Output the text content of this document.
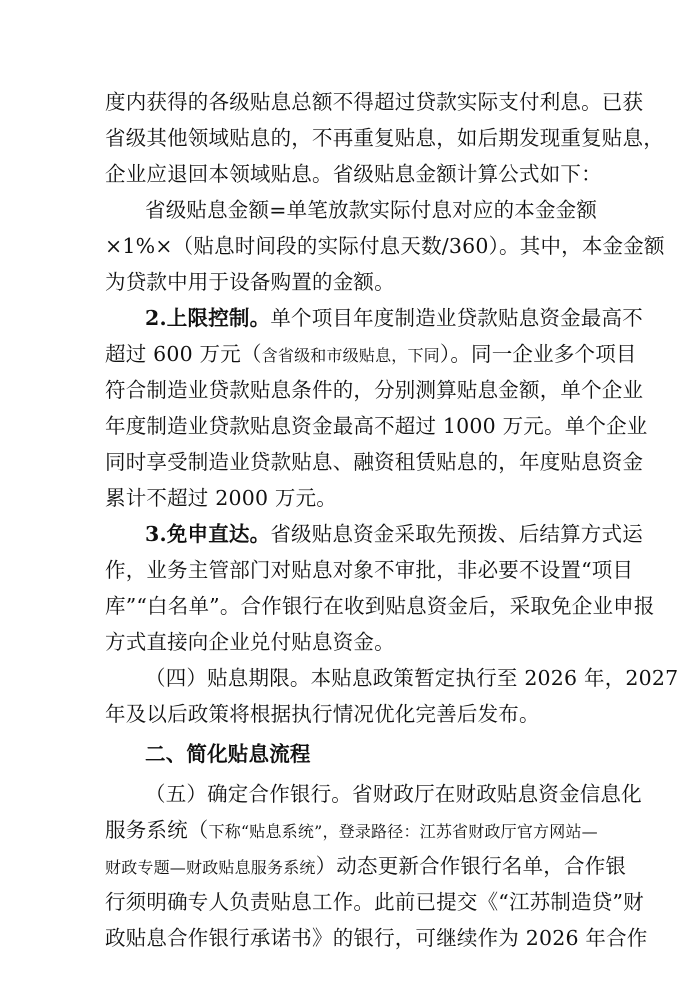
度内获得的各级贴息总额不得超过贷款实际支付利息。已获
省级其他领域贴息的，不再重复贴息，如后期发现重复贴息，
企业应退回本领域贴息。省级贴息金额计算公式如下：
省级贴息金额=单笔放款实际付息对应的本金金额
×1%×（贴息时间段的实际付息天数/360）。其中，本金金额
为贷款中用于设备购置的金额。
2.上限控制。单个项目年度制造业贷款贴息资金最高不
超过 600 万元（含省级和市级贴息，下同）。同一企业多个项目
符合制造业贷款贴息条件的，分别测算贴息金额，单个企业
年度制造业贷款贴息资金最高不超过 1000 万元。单个企业
同时享受制造业贷款贴息、融资租赁贴息的，年度贴息资金
累计不超过 2000 万元。
3.免申直达。省级贴息资金采取先预拨、后结算方式运
作，业务主管部门对贴息对象不审批，非必要不设置“项目
库”“白名单”。合作银行在收到贴息资金后，采取免企业申报
方式直接向企业兑付贴息资金。
（四）贴息期限。本贴息政策暂定执行至 2026 年，2027
年及以后政策将根据执行情况优化完善后发布。
二、简化贴息流程
（五）确定合作银行。省财政厅在财政贴息资金信息化
服务系统（下称“贴息系统”，登录路径：江苏省财政厅官方网站—
财政专题—财政贴息服务系统）动态更新合作银行名单，合作银
行须明确专人负责贴息工作。此前已提交《“江苏制造贷”财
政贴息合作银行承诺书》的银行，可继续作为 2026 年合作
